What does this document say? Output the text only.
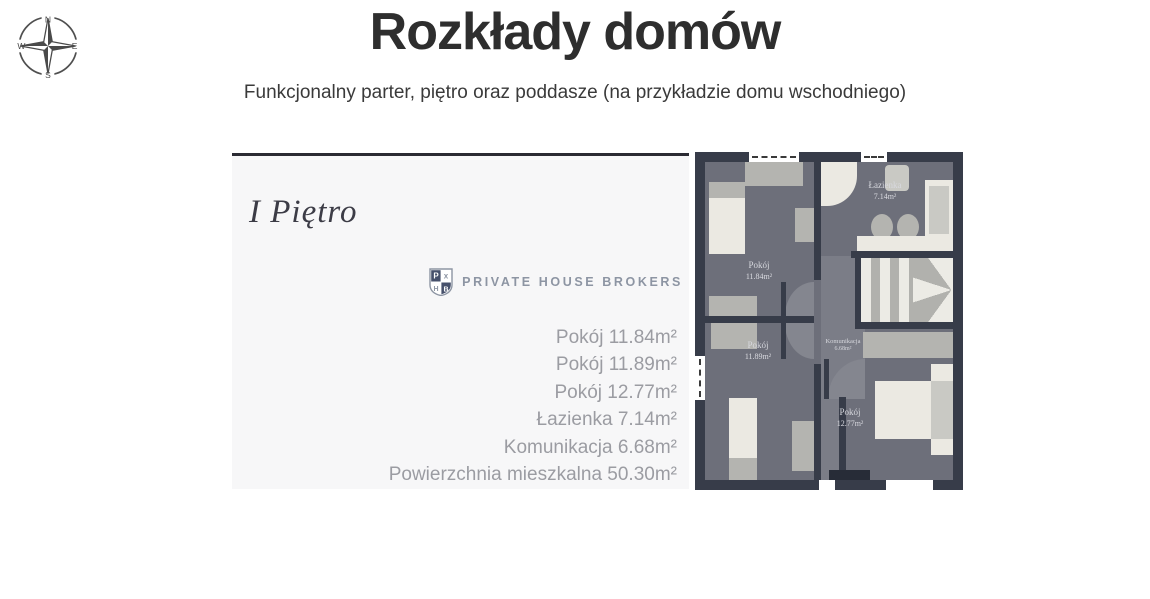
N
E
S
W	Rozkłady domów
Funkcjonalny parter, piętro oraz poddasze (na przykładzie domu wschodniego)
I Piętro
P x
H B
PRIVATE HOUSE BROKERS
Pokój 11.84m²
Pokój 11.89m²
Pokój 12.77m²
Łazienka 7.14m²
Komunikacja 6.68m²
Powierzchnia mieszkalna 50.30m²
Pokój
11.84m²
Łazienka
7.14m²
Pokój
11.89m²
Komunikacja
6.68m²
Pokój
12.77m²
